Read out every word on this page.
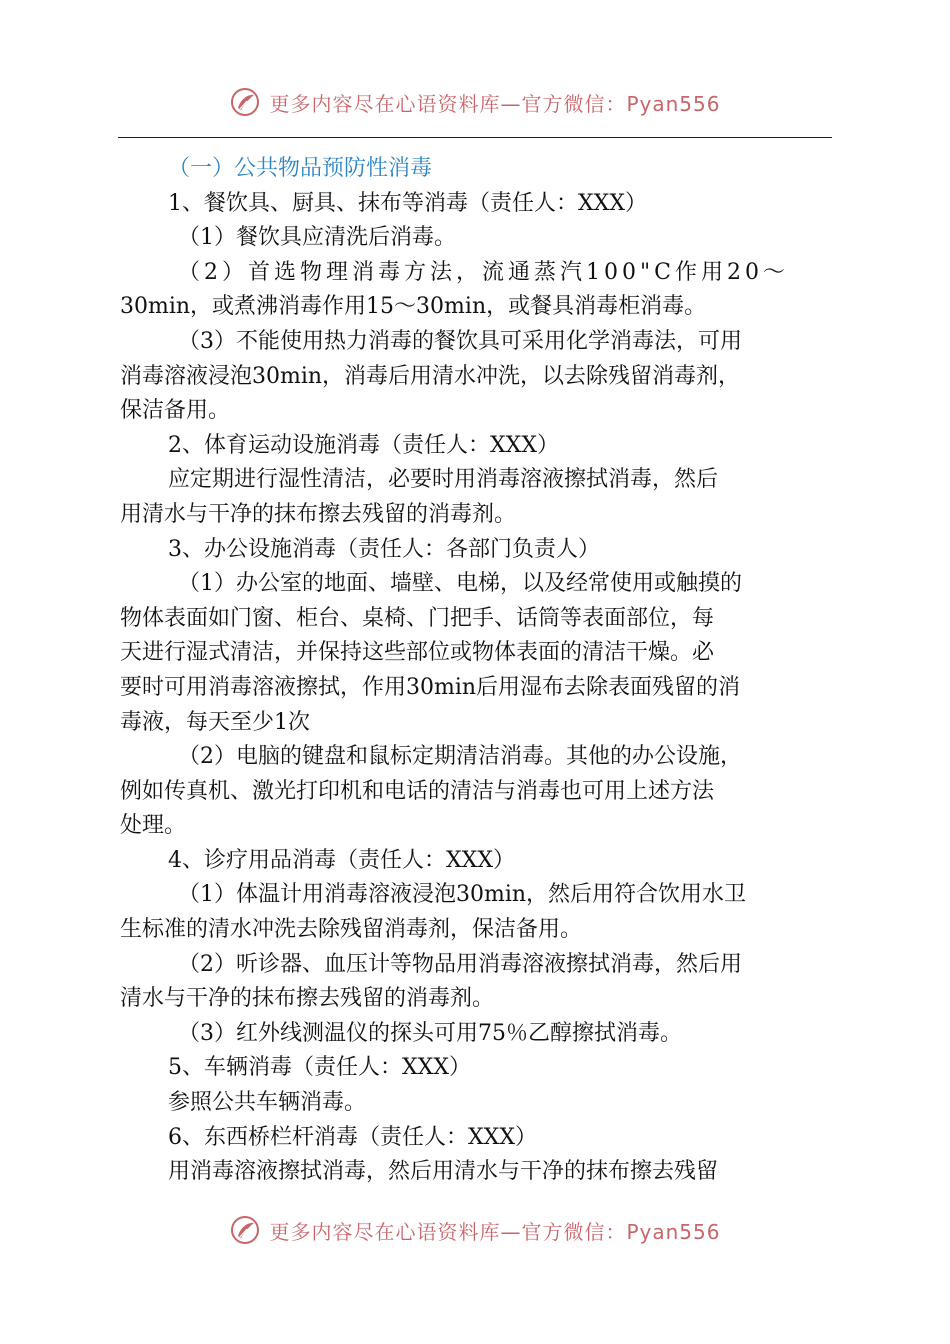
更多内容尽在心语资料库—官方微信：Pyan556
（一）公共物品预防性消毒
1、餐饮具、厨具、抹布等消毒（责任人：XXX）
（1）餐饮具应清洗后消毒。
（2）首选物理消毒方法，流通蒸汽100"C作用20～
30min，或煮沸消毒作用15～30min，或餐具消毒柜消毒。
（3）不能使用热力消毒的餐饮具可采用化学消毒法，可用
消毒溶液浸泡30min，消毒后用清水冲洗，以去除残留消毒剂，
保洁备用。
2、体育运动设施消毒（责任人：XXX）
应定期进行湿性清洁，必要时用消毒溶液擦拭消毒，然后
用清水与干净的抹布擦去残留的消毒剂。
3、办公设施消毒（责任人：各部门负责人）
（1）办公室的地面、墙壁、电梯，以及经常使用或触摸的
物体表面如门窗、柜台、桌椅、门把手、话筒等表面部位，每
天进行湿式清洁，并保持这些部位或物体表面的清洁干燥。必
要时可用消毒溶液擦拭，作用30min后用湿布去除表面残留的消
毒液，每天至少1次
（2）电脑的键盘和鼠标定期清洁消毒。其他的办公设施，
例如传真机、激光打印机和电话的清洁与消毒也可用上述方法
处理。
4、诊疗用品消毒（责任人：XXX）
（1）体温计用消毒溶液浸泡30min，然后用符合饮用水卫
生标准的清水冲洗去除残留消毒剂，保洁备用。
（2）听诊器、血压计等物品用消毒溶液擦拭消毒，然后用
清水与干净的抹布擦去残留的消毒剂。
（3）红外线测温仪的探头可用75％乙醇擦拭消毒。
5、车辆消毒（责任人：XXX）
参照公共车辆消毒。
6、东西桥栏杆消毒（责任人：XXX）
用消毒溶液擦拭消毒，然后用清水与干净的抹布擦去残留
更多内容尽在心语资料库—官方微信：Pyan556
